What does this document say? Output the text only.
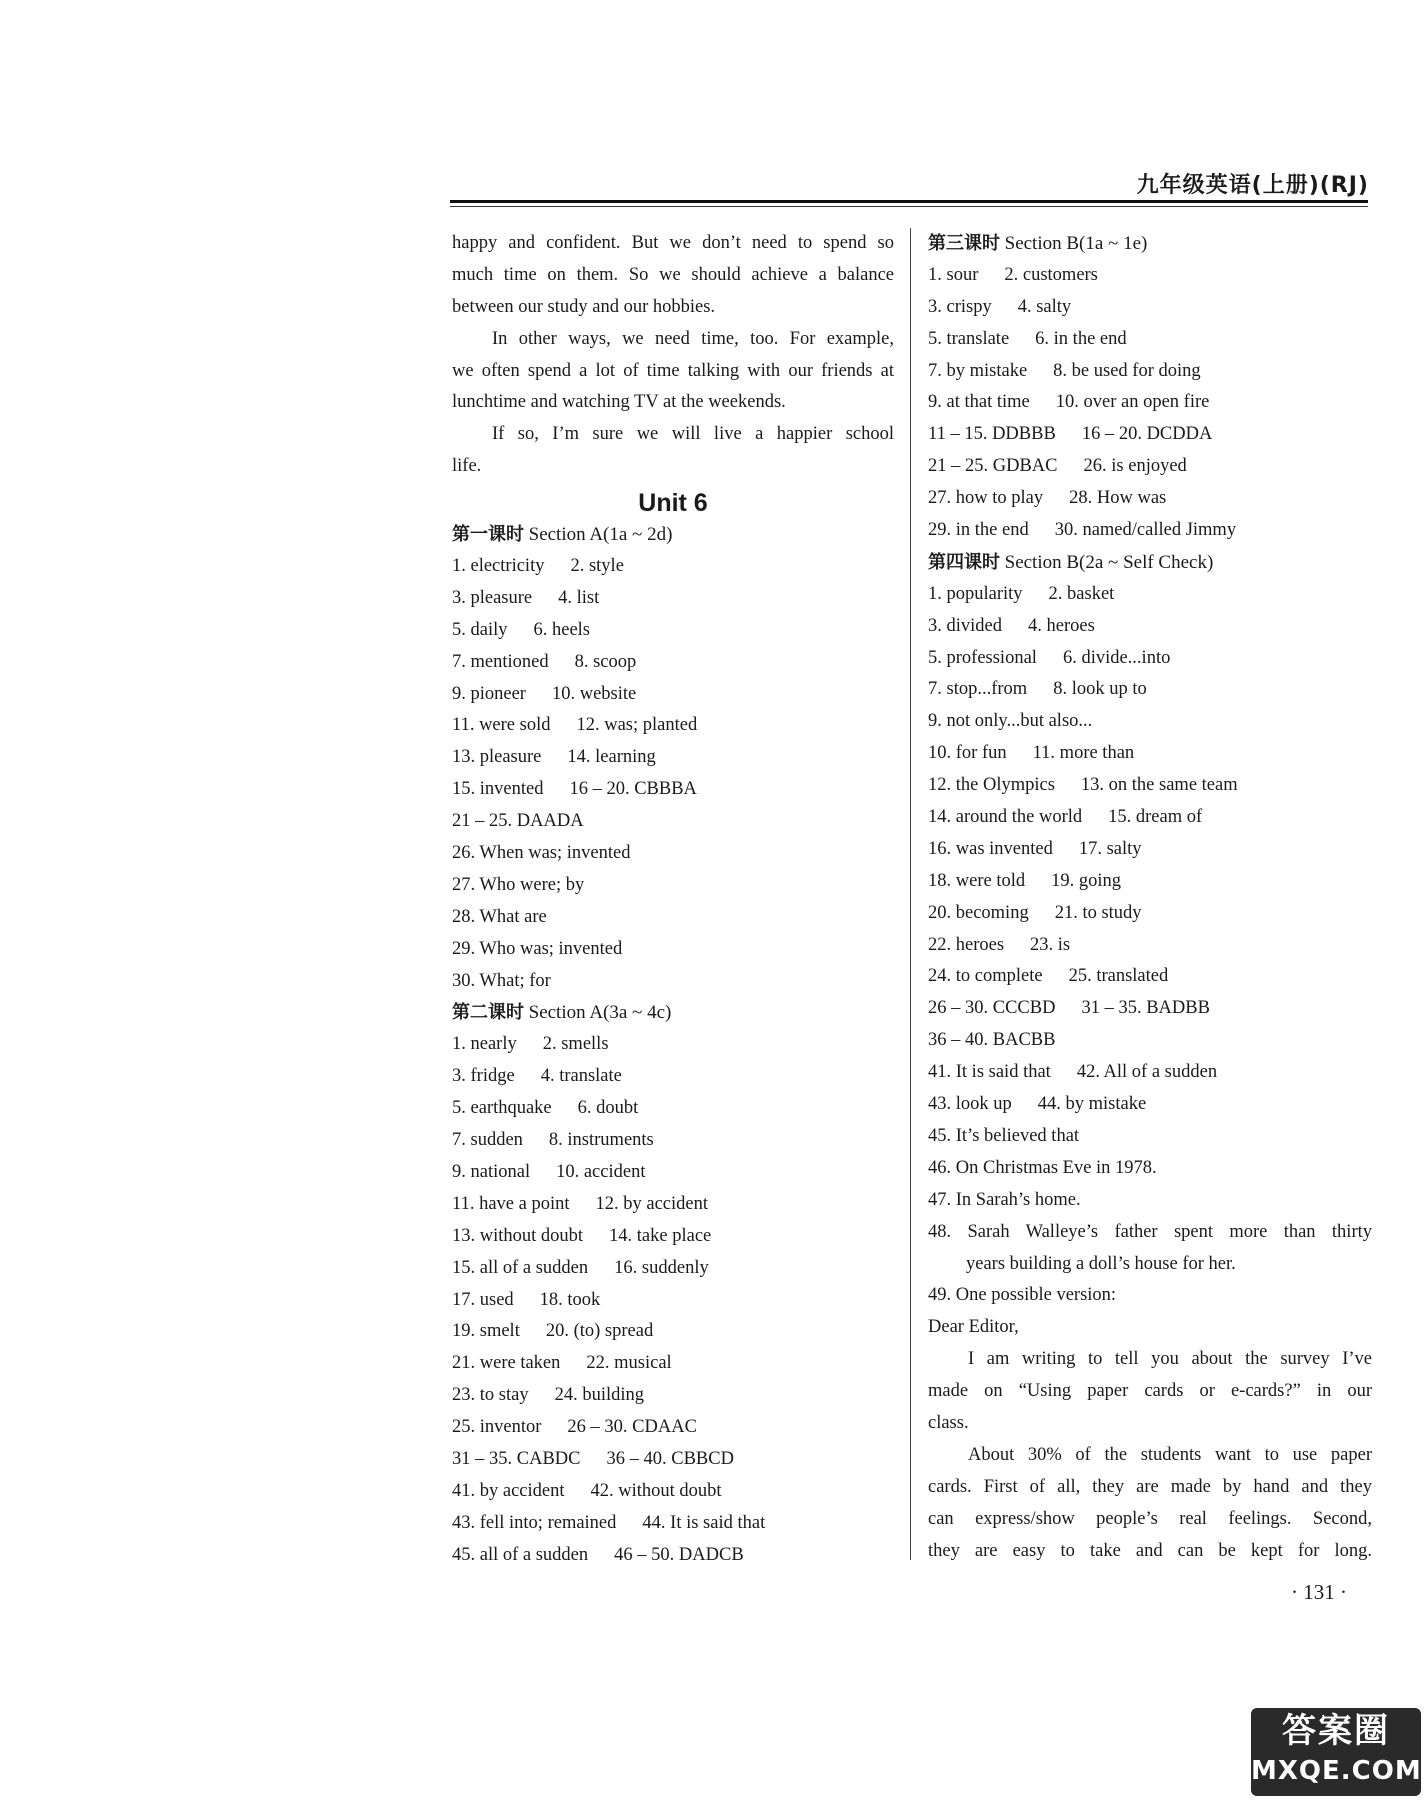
九年级英语(上册)(RJ)
happy and confident. But we don’t need to spend so
much time on them. So we should achieve a balance
between our study and our hobbies.
In other ways, we need time, too. For example,
we often spend a lot of time talking with our friends at
lunchtime and watching TV at the weekends.
If so, I’m sure we will live a happier school
life.
Unit 6
第一课时 Section A(1a ~ 2d)
1. electricity 2. style
3. pleasure 4. list
5. daily 6. heels
7. mentioned 8. scoop
9. pioneer 10. website
11. were sold 12. was; planted
13. pleasure 14. learning
15. invented 16 – 20. CBBBA
21 – 25. DAADA
26. When was; invented
27. Who were; by
28. What are
29. Who was; invented
30. What; for
第二课时 Section A(3a ~ 4c)
1. nearly 2. smells
3. fridge 4. translate
5. earthquake 6. doubt
7. sudden 8. instruments
9. national 10. accident
11. have a point 12. by accident
13. without doubt 14. take place
15. all of a sudden 16. suddenly
17. used 18. took
19. smelt 20. (to) spread
21. were taken 22. musical
23. to stay 24. building
25. inventor 26 – 30. CDAAC
31 – 35. CABDC 36 – 40. CBBCD
41. by accident 42. without doubt
43. fell into; remained 44. It is said that
45. all of a sudden 46 – 50. DADCB
第三课时 Section B(1a ~ 1e)
1. sour 2. customers
3. crispy 4. salty
5. translate 6. in the end
7. by mistake 8. be used for doing
9. at that time 10. over an open fire
11 – 15. DDBBB 16 – 20. DCDDA
21 – 25. GDBAC 26. is enjoyed
27. how to play 28. How was
29. in the end 30. named/called Jimmy
第四课时 Section B(2a ~ Self Check)
1. popularity 2. basket
3. divided 4. heroes
5. professional 6. divide...into
7. stop...from 8. look up to
9. not only...but also...
10. for fun 11. more than
12. the Olympics 13. on the same team
14. around the world 15. dream of
16. was invented 17. salty
18. were told 19. going
20. becoming 21. to study
22. heroes 23. is
24. to complete 25. translated
26 – 30. CCCBD 31 – 35. BADBB
36 – 40. BACBB
41. It is said that 42. All of a sudden
43. look up 44. by mistake
45. It’s believed that
46. On Christmas Eve in 1978.
47. In Sarah’s home.
48. Sarah Walleye’s father spent more than thirty
years building a doll’s house for her.
49. One possible version:
Dear Editor,
I am writing to tell you about the survey I’ve
made on “Using paper cards or e-cards?” in our
class.
About 30% of the students want to use paper
cards. First of all, they are made by hand and they
can express/show people’s real feelings. Second,
they are easy to take and can be kept for long.
· 131 ·
答案圈
MXQE.COM
